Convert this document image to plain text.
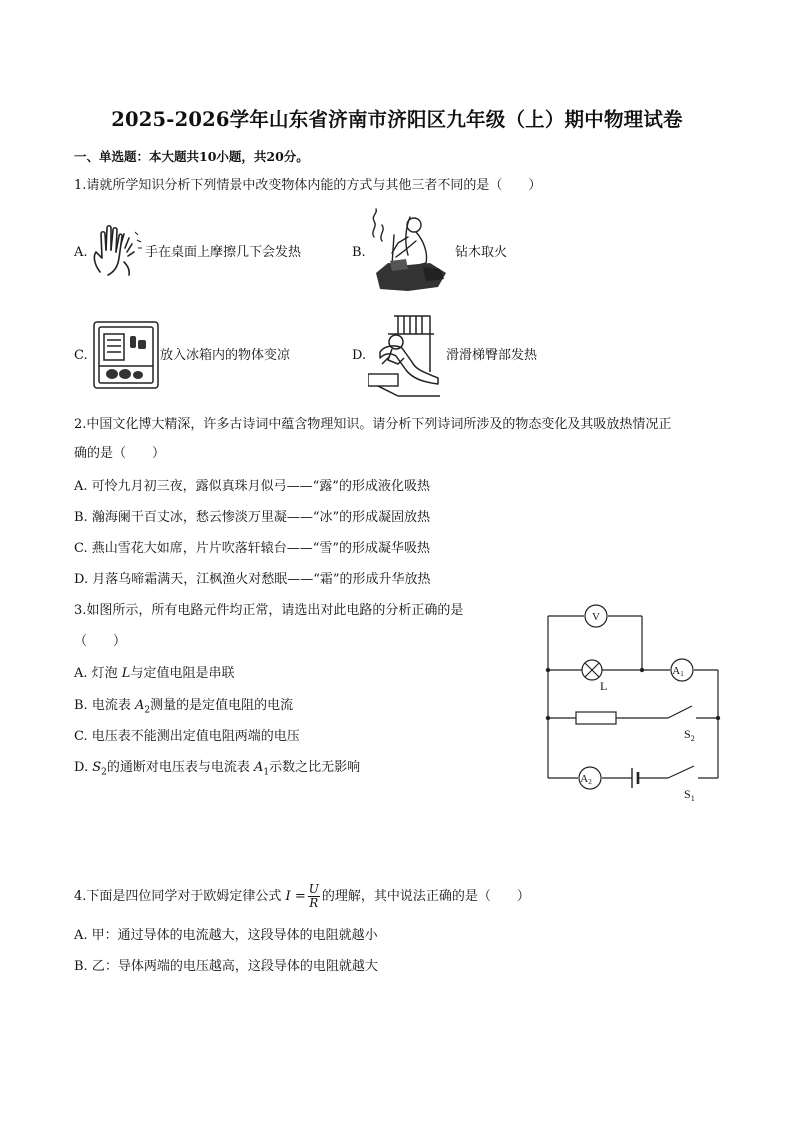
2025-2026学年山东省济南市济阳区九年级（上）期中物理试卷
一、单选题：本大题共10小题，共20分。
1.请就所学知识分析下列情景中改变物体内能的方式与其他三者不同的是（　　）
A.	手在桌面上摩擦几下会发热	B.	钻木取火
C.	放入冰箱内的物体变凉	D.	滑滑梯臀部发热
2.中国文化博大精深，许多古诗词中蕴含物理知识。请分析下列诗词所涉及的物态变化及其吸放热情况正
确的是（　　）
A. 可怜九月初三夜，露似真珠月似弓——“露”的形成液化吸热
B. 瀚海阑干百丈冰，愁云惨淡万里凝——“冰”的形成凝固放热
C. 燕山雪花大如席，片片吹落轩辕台——“雪”的形成凝华吸热
D. 月落乌啼霜满天，江枫渔火对愁眠——“霜”的形成升华放热
3.如图所示，所有电路元件均正常，请选出对此电路的分析正确的是
（　　）
A. 灯泡 L与定值电阻是串联
B. 电流表 $A_2$测量的是定值电阻的电流
C. 电压表不能测出定值电阻两端的电压
D. $S_2$的通断对电压表与电流表 $A_1$示数之比无影响
V
A1
A2
L
$S_2$
$S_1$
4.下面是四位同学对于欧姆定律公式 $I = \frac{U}{R}$ 的理解，其中说法正确的是（　　）
A. 甲：通过导体的电流越大，这段导体的电阻就越小
B. 乙：导体两端的电压越高，这段导体的电阻就越大
